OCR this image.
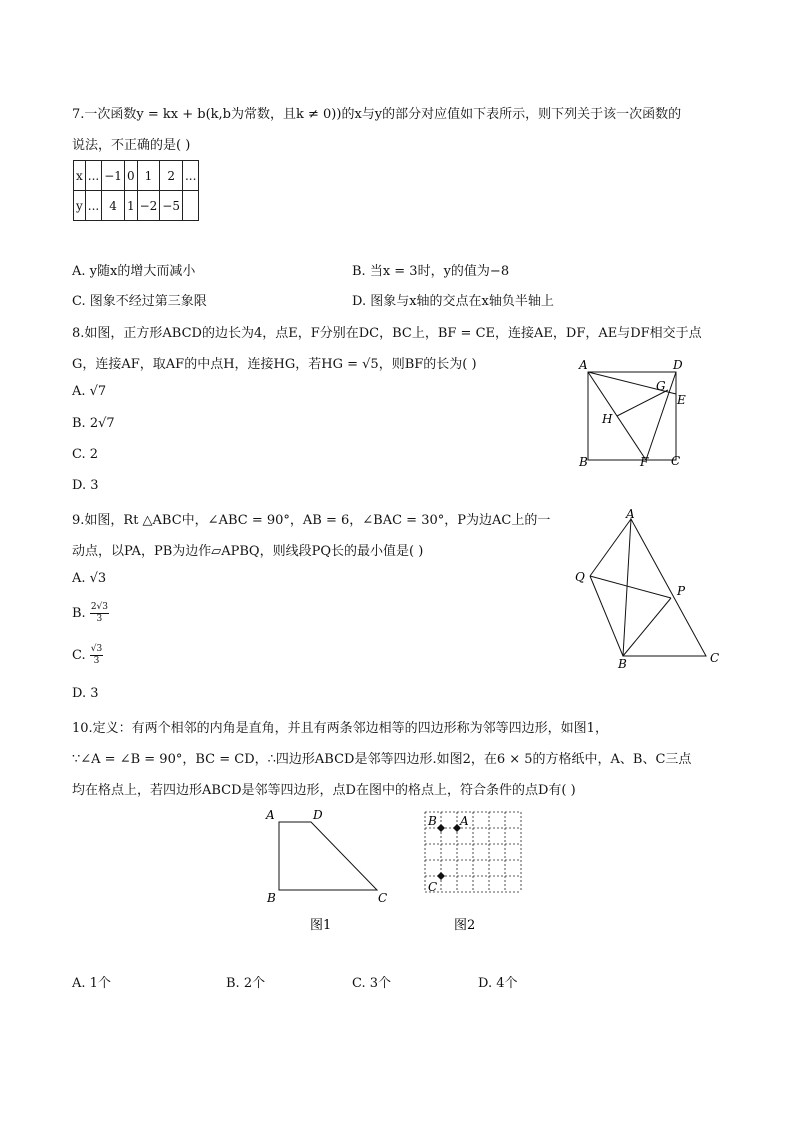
7.一次函数y = kx + b(k,b为常数，且k ≠ 0))的x与y的部分对应值如下表所示，则下列关于该一次函数的
说法，不正确的是( )
x	...	−1	0	1	2	...
y	...	4	1	−2	−5	
A. y随x的增大而减小	B. 当x = 3时，y的值为−8
C. 图象不经过第三象限	D. 图象与x轴的交点在x轴负半轴上
8.如图，正方形ABCD的边长为4，点E，F分别在DC，BC上，BF = CE，连接AE，DF，AE与DF相交于点
G，连接AF，取AF的中点H，连接HG，若HG = √5，则BF的长为( )
A. √7
B. 2√7
C. 2
D. 3
A	D
B	C
E
F
G
H
9.如图，Rt △ABC中，∠ABC = 90°，AB = 6，∠BAC = 30°，P为边AC上的一
动点，以PA，PB为边作▱APBQ，则线段PQ长的最小值是( )
A. √3
B. $\frac{2√3}{3}$
C. $\frac{√3}{3}$
D. 3
A
Q
P
B	C
10.定义：有两个相邻的内角是直角，并且有两条邻边相等的四边形称为邻等四边形，如图1，
∵∠A = ∠B = 90°，BC = CD，∴四边形ABCD是邻等四边形.如图2，在6 × 5的方格纸中，A、B、C三点
均在格点上，若四边形ABCD是邻等四边形，点D在图中的格点上，符合条件的点D有( )
A	D
B	C
图1
B A
C
图2
A. 1个	B. 2个	C. 3个	D. 4个
